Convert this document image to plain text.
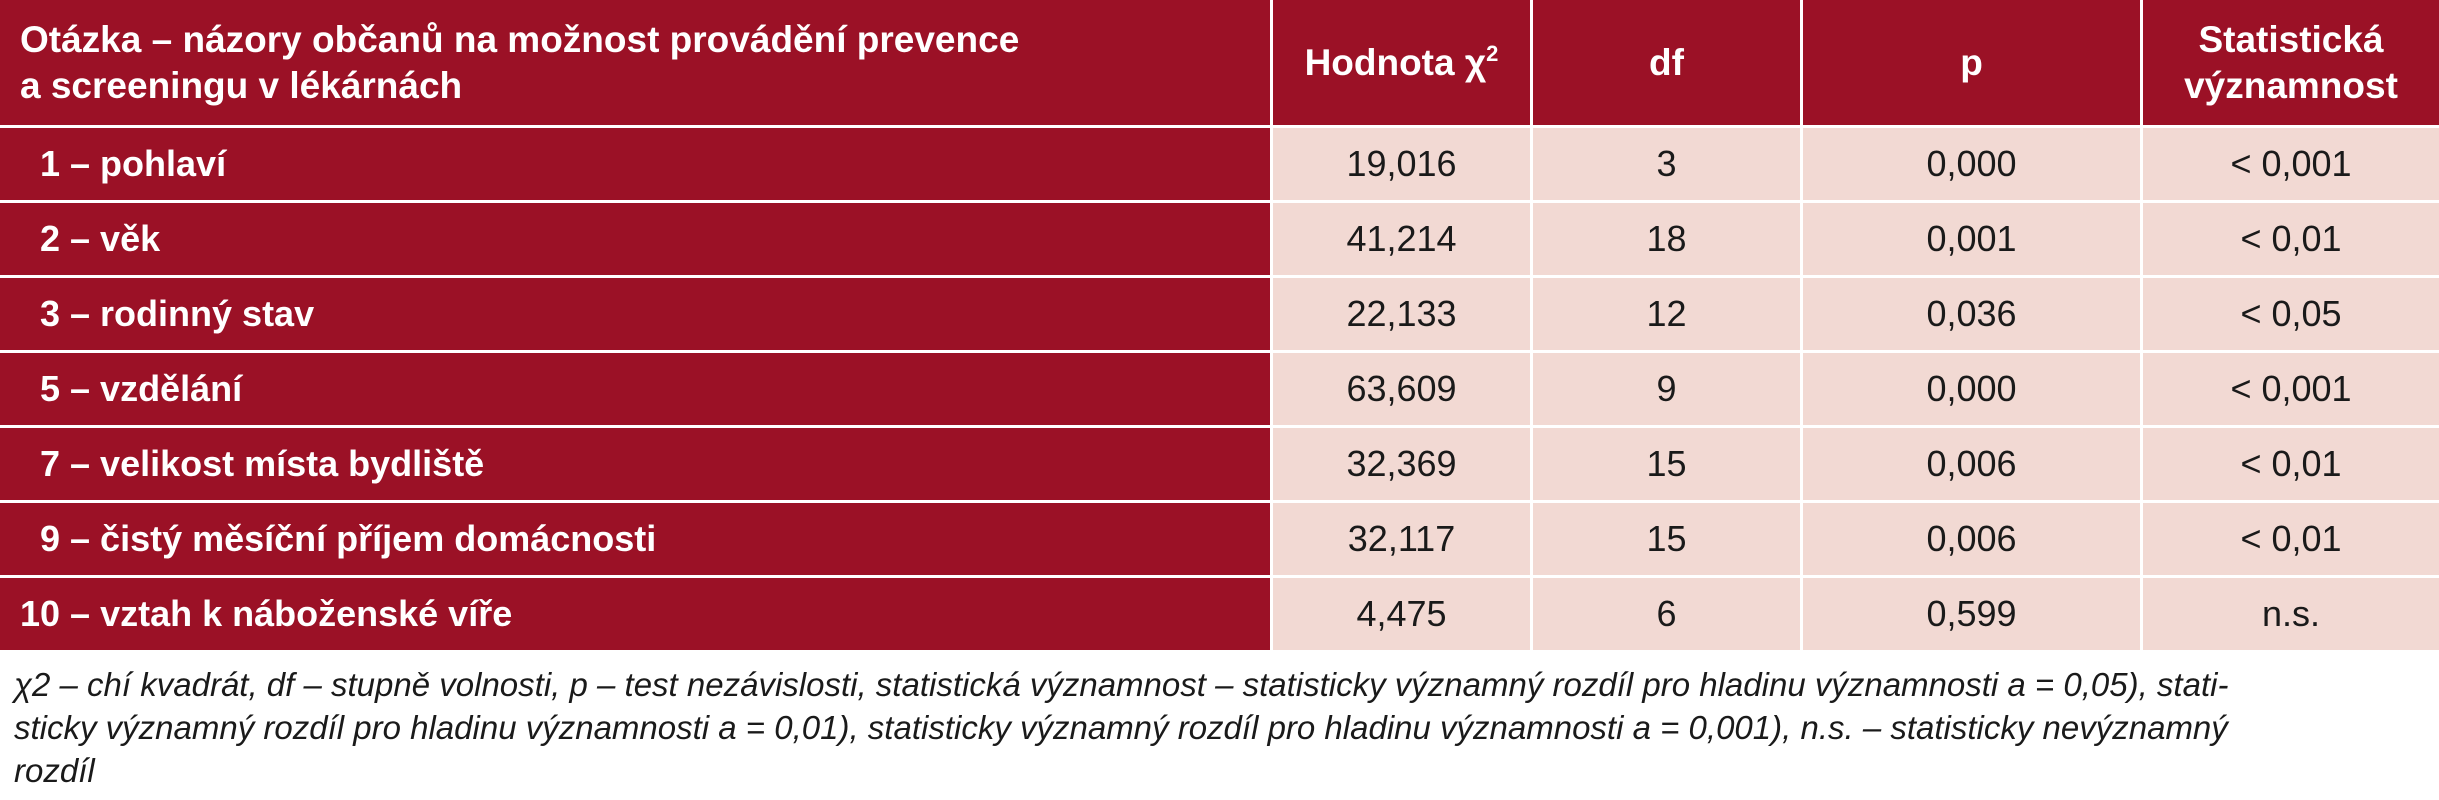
Otázka – názory občanů na možnost provádění prevence
a screeningu v lékárnách	Hodnota $\chi^2$	df	p	Statistická
významnost
1 – pohlaví	19,016	3	0,000	< 0,001
2 – věk	41,214	18	0,001	< 0,01
3 – rodinný stav	22,133	12	0,036	< 0,05
5 – vzdělání	63,609	9	0,000	< 0,001
7 – velikost místa bydliště	32,369	15	0,006	< 0,01
9 – čistý měsíční příjem domácnosti	32,117	15	0,006	< 0,01
10 – vztah k náboženské víře	4,475	6	0,599	n.s.
χ2 – chí kvadrát, df – stupně volnosti, p – test nezávislosti, statistická významnost – statisticky významný rozdíl pro hladinu významnosti a = 0,05), stati-
sticky významný rozdíl pro hladinu významnosti a = 0,01), statisticky významný rozdíl pro hladinu významnosti a = 0,001), n.s. – statisticky nevýznamný
rozdíl
